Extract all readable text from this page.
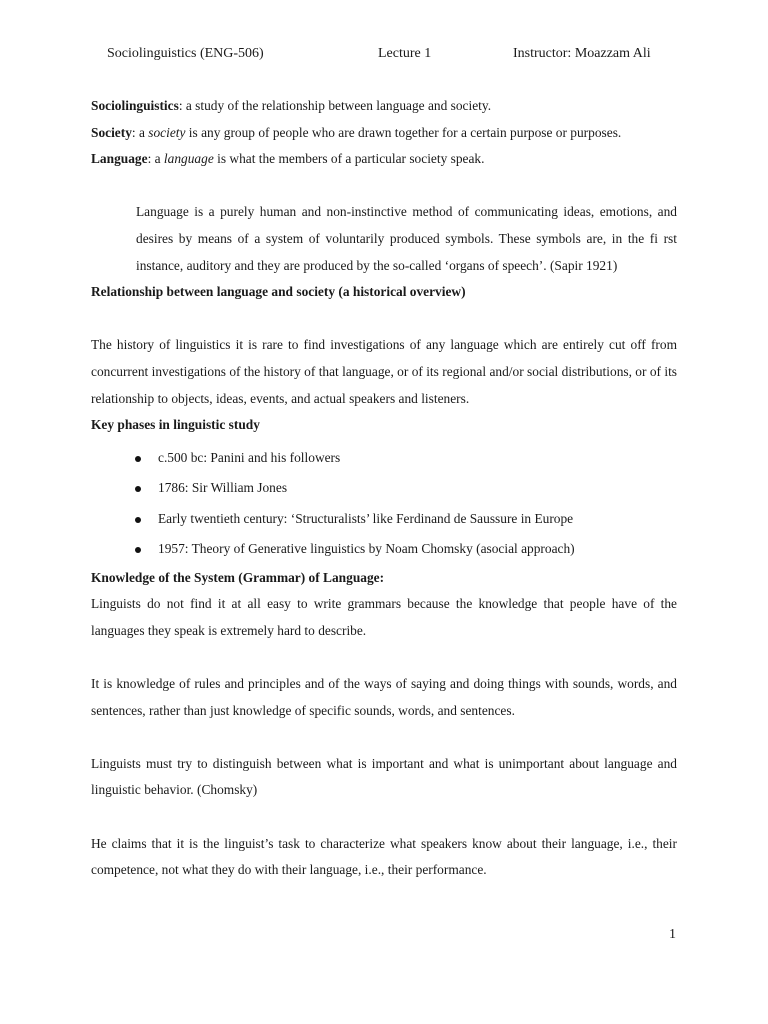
Sociolinguistics (ENG-506)	Lecture 1	Instructor: Moazzam Ali

Sociolinguistics: a study of the relationship between language and society.

Society: a society is any group of people who are drawn together for a certain purpose or purposes.

Language: a language is what the members of a particular society speak.

Language is a purely human and non-instinctive method of communicating ideas, emotions, and desires by means of a system of voluntarily produced symbols. These symbols are, in the fi rst instance, auditory and they are produced by the so-called ‘organs of speech’. (Sapir 1921)

Relationship between language and society (a historical overview)

The history of linguistics it is rare to find investigations of any language which are entirely cut off from concurrent investigations of the history of that language, or of its regional and/or social distributions, or of its relationship to objects, ideas, events, and actual speakers and listeners.

Key phases in linguistic study

c.500 bc: Panini and his followers
1786: Sir William Jones
Early twentieth century: ‘Structuralists’ like Ferdinand de Saussure in Europe
1957: Theory of Generative linguistics by Noam Chomsky (asocial approach)

Knowledge of the System (Grammar) of Language:

Linguists do not find it at all easy to write grammars because the knowledge that people have of the languages they speak is extremely hard to describe.

It is knowledge of rules and principles and of the ways of saying and doing things with sounds, words, and sentences, rather than just knowledge of specific sounds, words, and sentences.

Linguists must try to distinguish between what is important and what is unimportant about language and linguistic behavior. (Chomsky)

He claims that it is the linguist’s task to characterize what speakers know about their language, i.e., their competence, not what they do with their language, i.e., their performance.

1
